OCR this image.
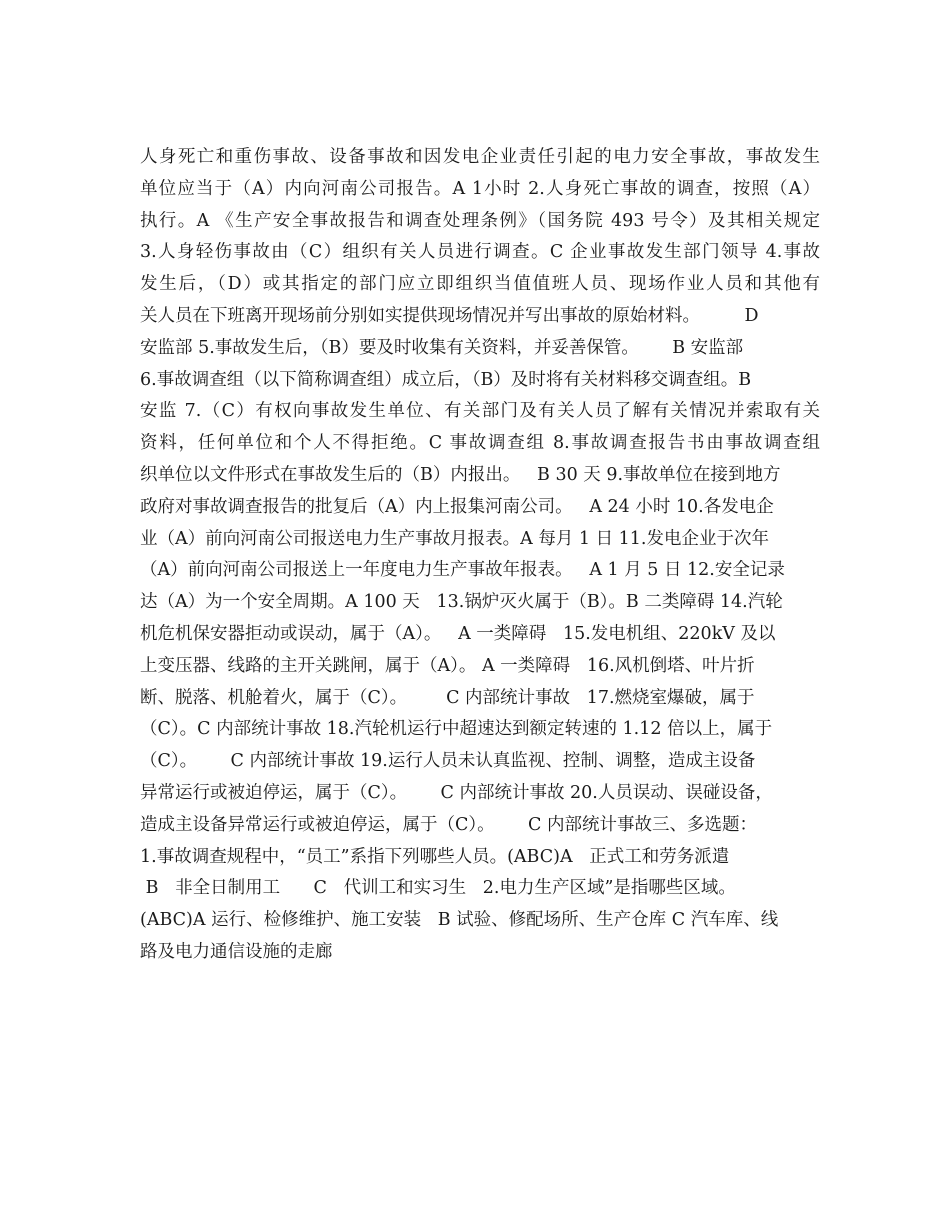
人身死亡和重伤事故、设备事故和因发电企业责任引起的电力安全事故，事故发生
单位应当于（A）内向河南公司报告。A 1小时 2.人身死亡事故的调查，按照（A）
执行。A 《生产安全事故报告和调查处理条例》（国务院 493 号令）及其相关规定
3.人身轻伤事故由（C）组织有关人员进行调查。C 企业事故发生部门领导 4.事故
发生后，（D）或其指定的部门应立即组织当值值班人员、现场作业人员和其他有
关人员在下班离开现场前分别如实提供现场情况并写出事故的原始材料。        D
安监部 5.事故发生后，（B）要及时收集有关资料，并妥善保管。      B 安监部
6.事故调查组（以下简称调查组）成立后，（B）及时将有关材料移交调查组。B
安监 7.（C）有权向事故发生单位、有关部门及有关人员了解有关情况并索取有关
资料，任何单位和个人不得拒绝。C 事故调查组 8.事故调查报告书由事故调查组
织单位以文件形式在事故发生后的（B）内报出。   B 30 天 9.事故单位在接到地方
政府对事故调查报告的批复后（A）内上报集河南公司。   A 24 小时 10.各发电企
业（A）前向河南公司报送电力生产事故月报表。A 每月 1 日 11.发电企业于次年
（A）前向河南公司报送上一年度电力生产事故年报表。   A 1 月 5 日 12.安全记录
达（A）为一个安全周期。A 100 天   13.锅炉灭火属于（B）。B 二类障碍 14.汽轮
机危机保安器拒动或误动，属于（A）。   A 一类障碍   15.发电机组、220kV 及以
上变压器、线路的主开关跳闸，属于（A）。 A 一类障碍   16.风机倒塔、叶片折
断、脱落、机舱着火，属于（C）。       C 内部统计事故   17.燃烧室爆破，属于
（C）。C 内部统计事故 18.汽轮机运行中超速达到额定转速的 1.12 倍以上，属于
（C）。      C 内部统计事故 19.运行人员未认真监视、控制、调整，造成主设备
异常运行或被迫停运，属于（C）。      C 内部统计事故 20.人员误动、误碰设备，
造成主设备异常运行或被迫停运，属于（C）。      C 内部统计事故三、多选题：
1.事故调查规程中，“员工”系指下列哪些人员。(ABC)A   正式工和劳务派遣
B   非全日制用工      C   代训工和实习生   2.电力生产区域”是指哪些区域。
(ABC)A 运行、检修维护、施工安装   B 试验、修配场所、生产仓库 C 汽车库、线
路及电力通信设施的走廊
